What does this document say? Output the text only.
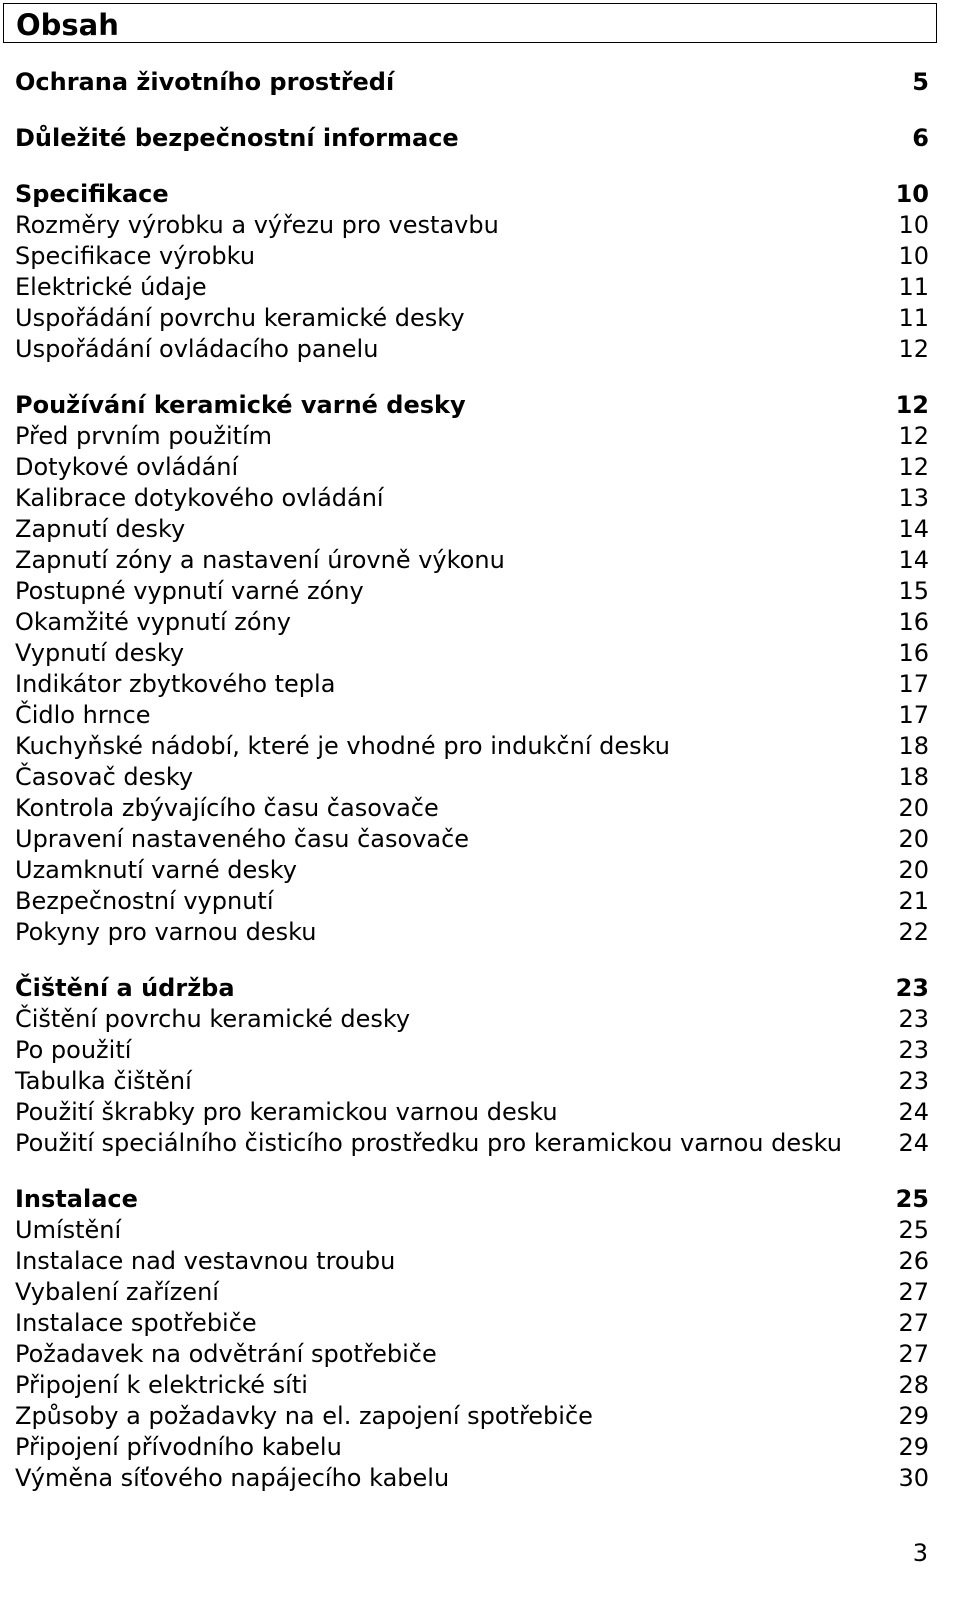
Obsah
Ochrana životního prostředí	5
Důležité bezpečnostní informace	6
Specifikace	10
Rozměry výrobku a výřezu pro vestavbu	10
Specifikace výrobku	10
Elektrické údaje	11
Uspořádání povrchu keramické desky	11
Uspořádání ovládacího panelu	12
Používání keramické varné desky	12
Před prvním použitím	12
Dotykové ovládání	12
Kalibrace dotykového ovládání	13
Zapnutí desky	14
Zapnutí zóny a nastavení úrovně výkonu	14
Postupné vypnutí varné zóny	15
Okamžité vypnutí zóny	16
Vypnutí desky	16
Indikátor zbytkového tepla	17
Čidlo hrnce	17
Kuchyňské nádobí, které je vhodné pro indukční desku	18
Časovač desky	18
Kontrola zbývajícího času časovače	20
Upravení nastaveného času časovače	20
Uzamknutí varné desky	20
Bezpečnostní vypnutí	21
Pokyny pro varnou desku	22
Čištění a údržba	23
Čištění povrchu keramické desky	23
Po použití	23
Tabulka čištění	23
Použití škrabky pro keramickou varnou desku	24
Použití speciálního čisticího prostředku pro keramickou varnou desku 24
Instalace	25
Umístění	25
Instalace nad vestavnou troubu	26
Vybalení zařízení	27
Instalace spotřebiče	27
Požadavek na odvětrání spotřebiče	27
Připojení k elektrické síti	28
Způsoby a požadavky na el. zapojení spotřebiče	29
Připojení přívodního kabelu	29
Výměna síťového napájecího kabelu	30
3
